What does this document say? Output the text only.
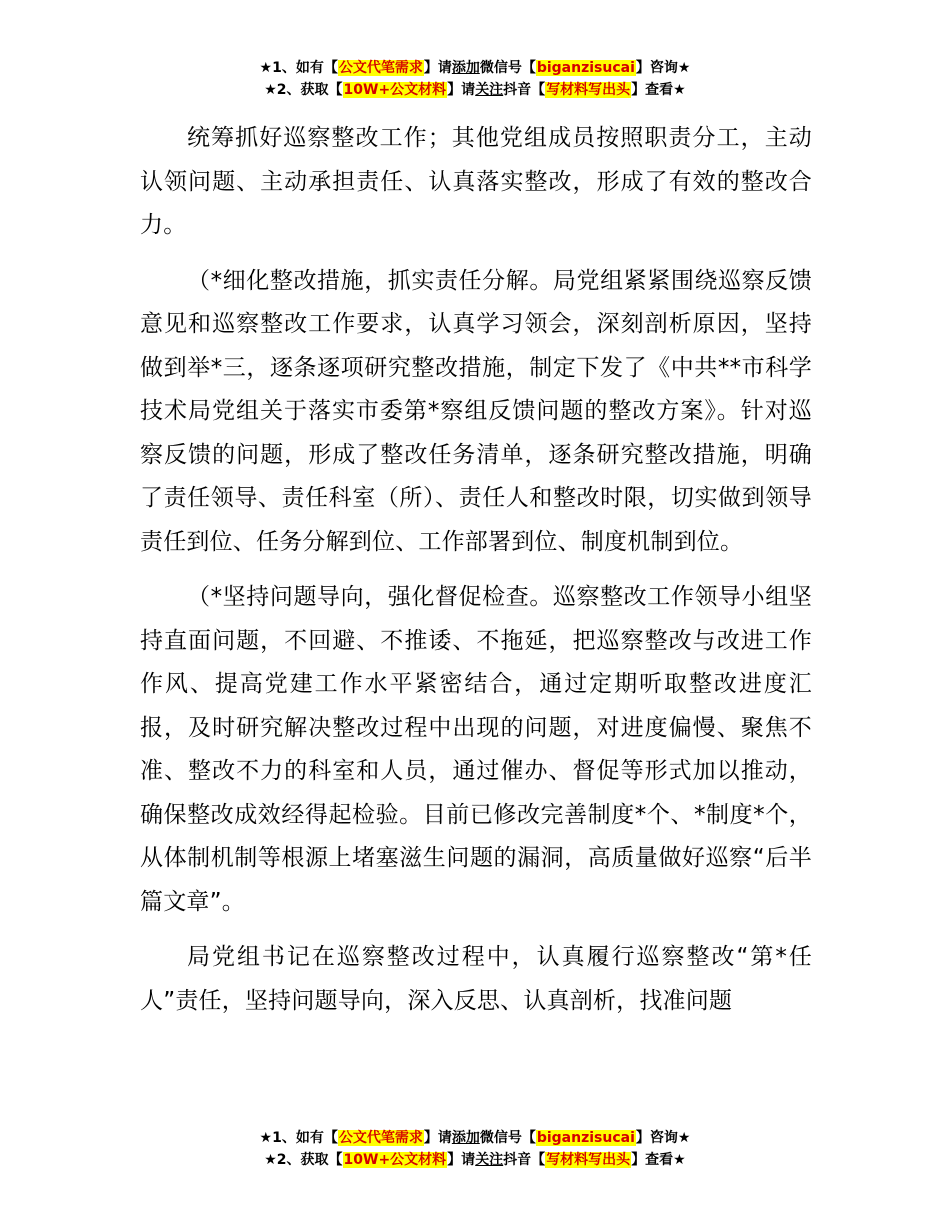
★1、如有【公文代笔需求】请添加微信号【biganzisucai】咨询★
★2、获取【10W+公文材料】请关注抖音【写材料写出头】查看★

统筹抓好巡察整改工作；其他党组成员按照职责分工，主动认领问题、主动承担责任、认真落实整改，形成了有效的整改合力。

（*细化整改措施，抓实责任分解。局党组紧紧围绕巡察反馈意见和巡察整改工作要求，认真学习领会，深刻剖析原因，坚持做到举*三，逐条逐项研究整改措施，制定下发了《中共**市科学技术局党组关于落实市委第*察组反馈问题的整改方案》。针对巡察反馈的问题，形成了整改任务清单，逐条研究整改措施，明确了责任领导、责任科室（所）、责任人和整改时限，切实做到领导责任到位、任务分解到位、工作部署到位、制度机制到位。

（*坚持问题导向，强化督促检查。巡察整改工作领导小组坚持直面问题，不回避、不推诿、不拖延，把巡察整改与改进工作作风、提高党建工作水平紧密结合，通过定期听取整改进度汇报，及时研究解决整改过程中出现的问题，对进度偏慢、聚焦不准、整改不力的科室和人员，通过催办、督促等形式加以推动，确保整改成效经得起检验。目前已修改完善制度*个、*制度*个，从体制机制等根源上堵塞滋生问题的漏洞，高质量做好巡察“后半篇文章”。

局党组书记在巡察整改过程中，认真履行巡察整改“第*任人”责任，坚持问题导向，深入反思、认真剖析，找准问题

★1、如有【公文代笔需求】请添加微信号【biganzisucai】咨询★
★2、获取【10W+公文材料】请关注抖音【写材料写出头】查看★
